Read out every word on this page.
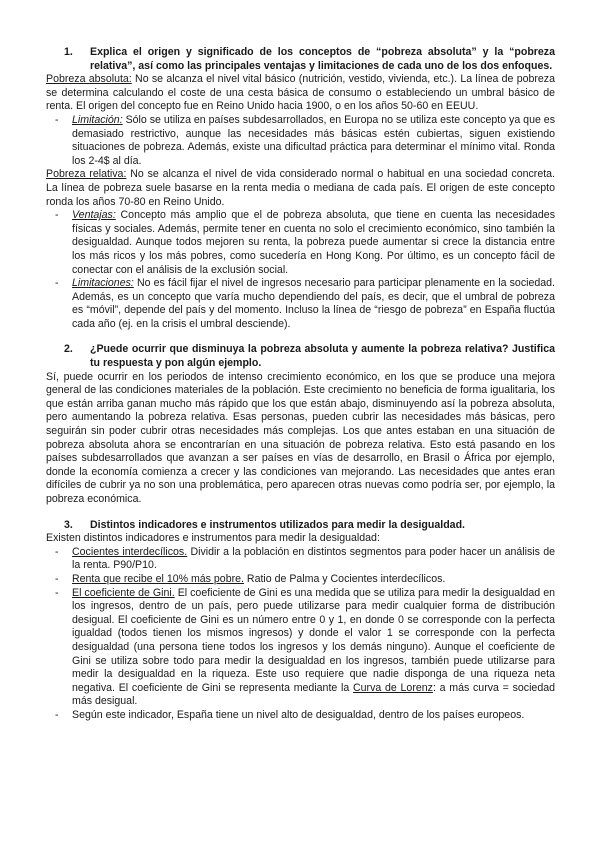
1.	Explica el origen y significado de los conceptos de “pobreza absoluta” y la “pobreza relativa”, así como las principales ventajas y limitaciones de cada uno de los dos enfoques.

Pobreza absoluta: No se alcanza el nivel vital básico (nutrición, vestido, vivienda, etc.). La línea de pobreza se determina calculando el coste de una cesta básica de consumo o estableciendo un umbral básico de renta. El origen del concepto fue en Reino Unido hacia 1900, o en los años 50-60 en EEUU.

- Limitación: Sólo se utiliza en países subdesarrollados, en Europa no se utiliza este concepto ya que es demasiado restrictivo, aunque las necesidades más básicas estén cubiertas, siguen existiendo situaciones de pobreza. Además, existe una dificultad práctica para determinar el mínimo vital. Ronda los 2-4$ al día.

Pobreza relativa: No se alcanza el nivel de vida considerado normal o habitual en una sociedad concreta. La línea de pobreza suele basarse en la renta media o mediana de cada país. El origen de este concepto ronda los años 70-80 en Reino Unido.

- Ventajas: Concepto más amplio que el de pobreza absoluta, que tiene en cuenta las necesidades físicas y sociales. Además, permite tener en cuenta no solo el crecimiento económico, sino también la desigualdad. Aunque todos mejoren su renta, la pobreza puede aumentar si crece la distancia entre los más ricos y los más pobres, como sucedería en Hong Kong. Por último, es un concepto fácil de conectar con el análisis de la exclusión social.
- Limitaciones: No es fácil fijar el nivel de ingresos necesario para participar plenamente en la sociedad. Además, es un concepto que varía mucho dependiendo del país, es decir, que el umbral de pobreza es “móvil”, depende del país y del momento. Incluso la línea de “riesgo de pobreza” en España fluctúa cada año (ej. en la crisis el umbral desciende).
2.	¿Puede ocurrir que disminuya la pobreza absoluta y aumente la pobreza relativa? Justifica tu respuesta y pon algún ejemplo.

Sí, puede ocurrir en los periodos de intenso crecimiento económico, en los que se produce una mejora general de las condiciones materiales de la población. Este crecimiento no beneficia de forma igualitaria, los que están arriba ganan mucho más rápido que los que están abajo, disminuyendo así la pobreza absoluta, pero aumentando la pobreza relativa. Esas personas, pueden cubrir las necesidades más básicas, pero seguirán sin poder cubrir otras necesidades más complejas. Los que antes estaban en una situación de pobreza absoluta ahora se encontrarían en una situación de pobreza relativa. Esto está pasando en los países subdesarrollados que avanzan a ser países en vías de desarrollo, en Brasil o África por ejemplo, donde la economía comienza a crecer y las condiciones van mejorando. Las necesidades que antes eran difíciles de cubrir ya no son una problemática, pero aparecen otras nuevas como podría ser, por ejemplo, la pobreza económica.

3.	Distintos indicadores e instrumentos utilizados para medir la desigualdad.

Existen distintos indicadores e instrumentos para medir la desigualdad:

- Cocientes interdecílicos. Dividir a la población en distintos segmentos para poder hacer un análisis de la renta. P90/P10.
- Renta que recibe el 10% más pobre. Ratio de Palma y Cocientes interdecílicos.
- El coeficiente de Gini. El coeficiente de Gini es una medida que se utiliza para medir la desigualdad en los ingresos, dentro de un país, pero puede utilizarse para medir cualquier forma de distribución desigual. El coeficiente de Gini es un número entre 0 y 1, en donde 0 se corresponde con la perfecta igualdad (todos tienen los mismos ingresos) y donde el valor 1 se corresponde con la perfecta desigualdad (una persona tiene todos los ingresos y los demás ninguno). Aunque el coeficiente de Gini se utiliza sobre todo para medir la desigualdad en los ingresos, también puede utilizarse para medir la desigualdad en la riqueza. Este uso requiere que nadie disponga de una riqueza neta negativa. El coeficiente de Gini se representa mediante la Curva de Lorenz: a más curva = sociedad más desigual.
- Según este indicador, España tiene un nivel alto de desigualdad, dentro de los países europeos.
